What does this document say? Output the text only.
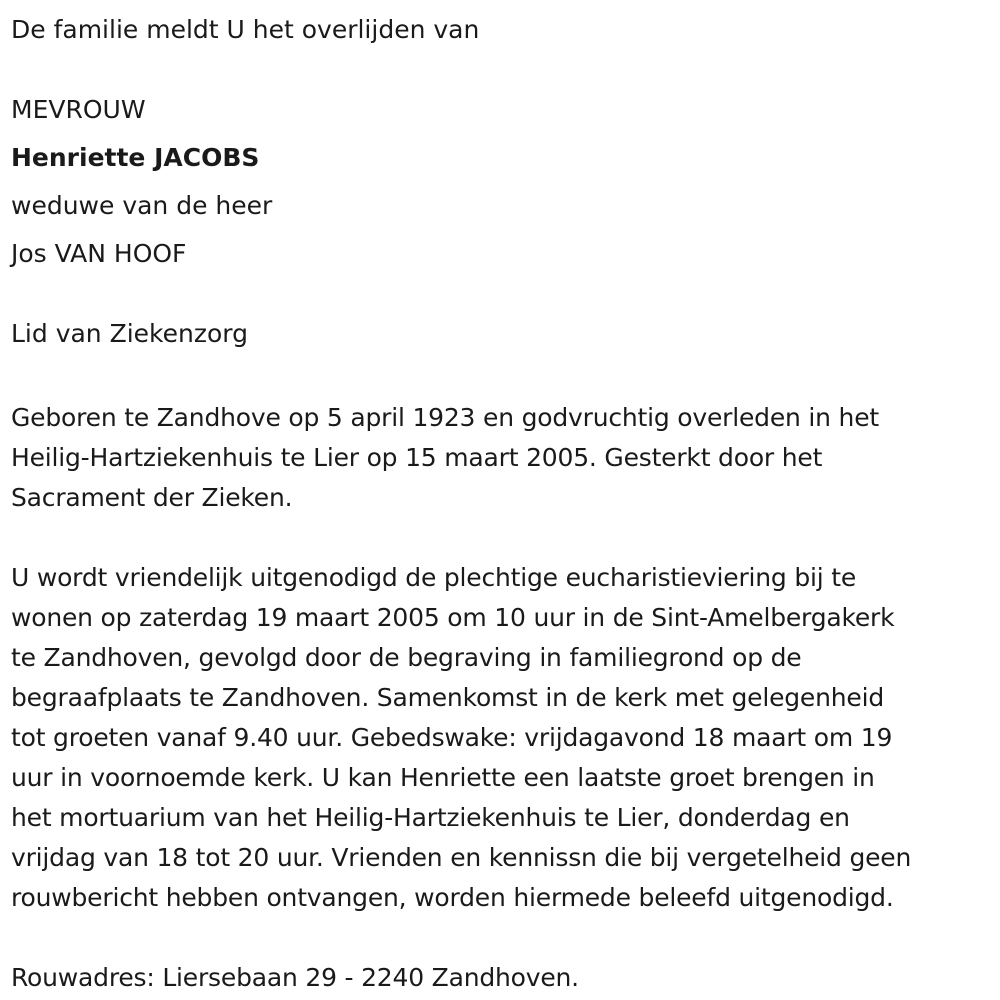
De familie meldt U het overlijden van

MEVROUW

Henriette JACOBS

weduwe van de heer

Jos VAN HOOF

Lid van Ziekenzorg

Geboren te Zandhove op 5 april 1923 en godvruchtig overleden in het

Heilig-Hartziekenhuis te Lier op 15 maart 2005. Gesterkt door het

Sacrament der Zieken.

U wordt vriendelijk uitgenodigd de plechtige eucharistieviering bij te

wonen op zaterdag 19 maart 2005 om 10 uur in de Sint-Amelbergakerk

te Zandhoven, gevolgd door de begraving in familiegrond op de

begraafplaats te Zandhoven. Samenkomst in de kerk met gelegenheid

tot groeten vanaf 9.40 uur. Gebedswake: vrijdagavond 18 maart om 19

uur in voornoemde kerk. U kan Henriette een laatste groet brengen in

het mortuarium van het Heilig-Hartziekenhuis te Lier, donderdag en

vrijdag van 18 tot 20 uur. Vrienden en kennissn die bij vergetelheid geen

rouwbericht hebben ontvangen, worden hiermede beleefd uitgenodigd.

Rouwadres: Liersebaan 29 - 2240 Zandhoven.
